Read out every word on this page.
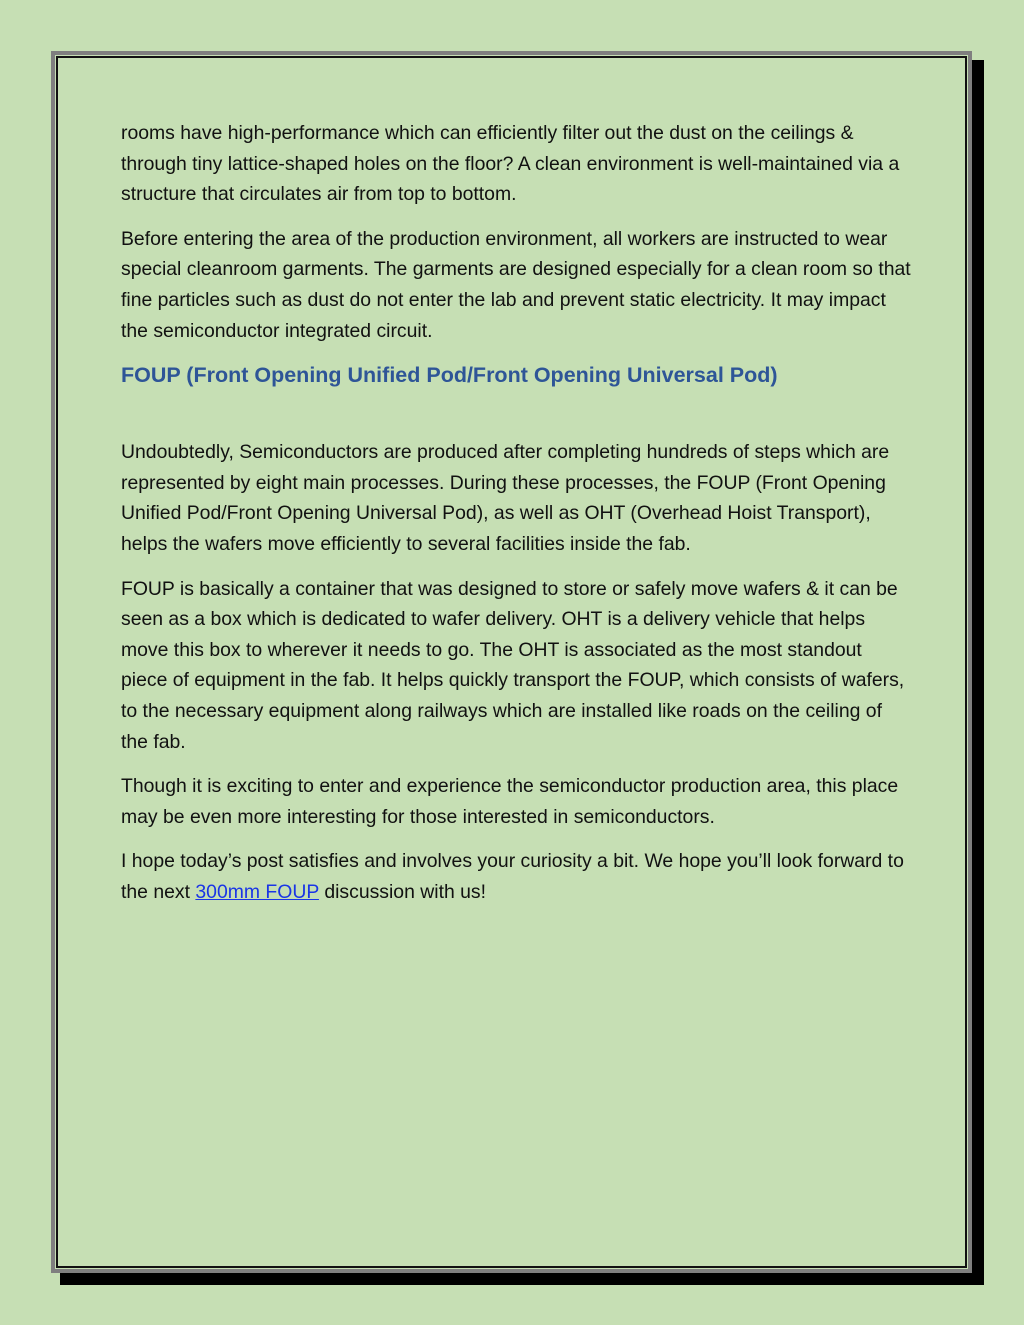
rooms have high-performance which can efficiently filter out the dust on the ceilings & through tiny lattice-shaped holes on the floor? A clean environment is well-maintained via a structure that circulates air from top to bottom.

Before entering the area of the production environment, all workers are instructed to wear special cleanroom garments. The garments are designed especially for a clean room so that fine particles such as dust do not enter the lab and prevent static electricity. It may impact the semiconductor integrated circuit.

FOUP (Front Opening Unified Pod/Front Opening Universal Pod)

Undoubtedly, Semiconductors are produced after completing hundreds of steps which are represented by eight main processes. During these processes, the FOUP (Front Opening Unified Pod/Front Opening Universal Pod), as well as OHT (Overhead Hoist Transport), helps the wafers move efficiently to several facilities inside the fab.

FOUP is basically a container that was designed to store or safely move wafers & it can be seen as a box which is dedicated to wafer delivery. OHT is a delivery vehicle that helps move this box to wherever it needs to go. The OHT is associated as the most standout piece of equipment in the fab. It helps quickly transport the FOUP, which consists of wafers, to the necessary equipment along railways which are installed like roads on the ceiling of the fab.

Though it is exciting to enter and experience the semiconductor production area, this place may be even more interesting for those interested in semiconductors.

I hope today’s post satisfies and involves your curiosity a bit. We hope you’ll look forward to the next 300mm FOUP discussion with us!
